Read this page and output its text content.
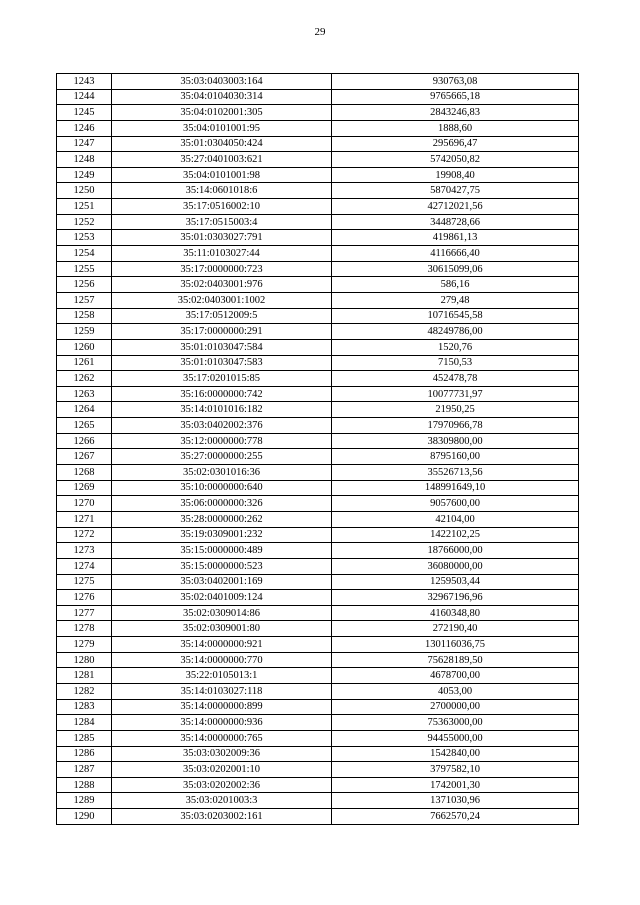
29
1243	35:03:0403003:164	930763,08
1244	35:04:0104030:314	9765665,18
1245	35:04:0102001:305	2843246,83
1246	35:04:0101001:95	1888,60
1247	35:01:0304050:424	295696,47
1248	35:27:0401003:621	5742050,82
1249	35:04:0101001:98	19908,40
1250	35:14:0601018:6	5870427,75
1251	35:17:0516002:10	42712021,56
1252	35:17:0515003:4	3448728,66
1253	35:01:0303027:791	419861,13
1254	35:11:0103027:44	4116666,40
1255	35:17:0000000:723	30615099,06
1256	35:02:0403001:976	586,16
1257	35:02:0403001:1002	279,48
1258	35:17:0512009:5	10716545,58
1259	35:17:0000000:291	48249786,00
1260	35:01:0103047:584	1520,76
1261	35:01:0103047:583	7150,53
1262	35:17:0201015:85	452478,78
1263	35:16:0000000:742	10077731,97
1264	35:14:0101016:182	21950,25
1265	35:03:0402002:376	17970966,78
1266	35:12:0000000:778	38309800,00
1267	35:27:0000000:255	8795160,00
1268	35:02:0301016:36	35526713,56
1269	35:10:0000000:640	148991649,10
1270	35:06:0000000:326	9057600,00
1271	35:28:0000000:262	42104,00
1272	35:19:0309001:232	1422102,25
1273	35:15:0000000:489	18766000,00
1274	35:15:0000000:523	36080000,00
1275	35:03:0402001:169	1259503,44
1276	35:02:0401009:124	32967196,96
1277	35:02:0309014:86	4160348,80
1278	35:02:0309001:80	272190,40
1279	35:14:0000000:921	130116036,75
1280	35:14:0000000:770	75628189,50
1281	35:22:0105013:1	4678700,00
1282	35:14:0103027:118	4053,00
1283	35:14:0000000:899	2700000,00
1284	35:14:0000000:936	75363000,00
1285	35:14:0000000:765	94455000,00
1286	35:03:0302009:36	1542840,00
1287	35:03:0202001:10	3797582,10
1288	35:03:0202002:36	1742001,30
1289	35:03:0201003:3	1371030,96
1290	35:03:0203002:161	7662570,24
